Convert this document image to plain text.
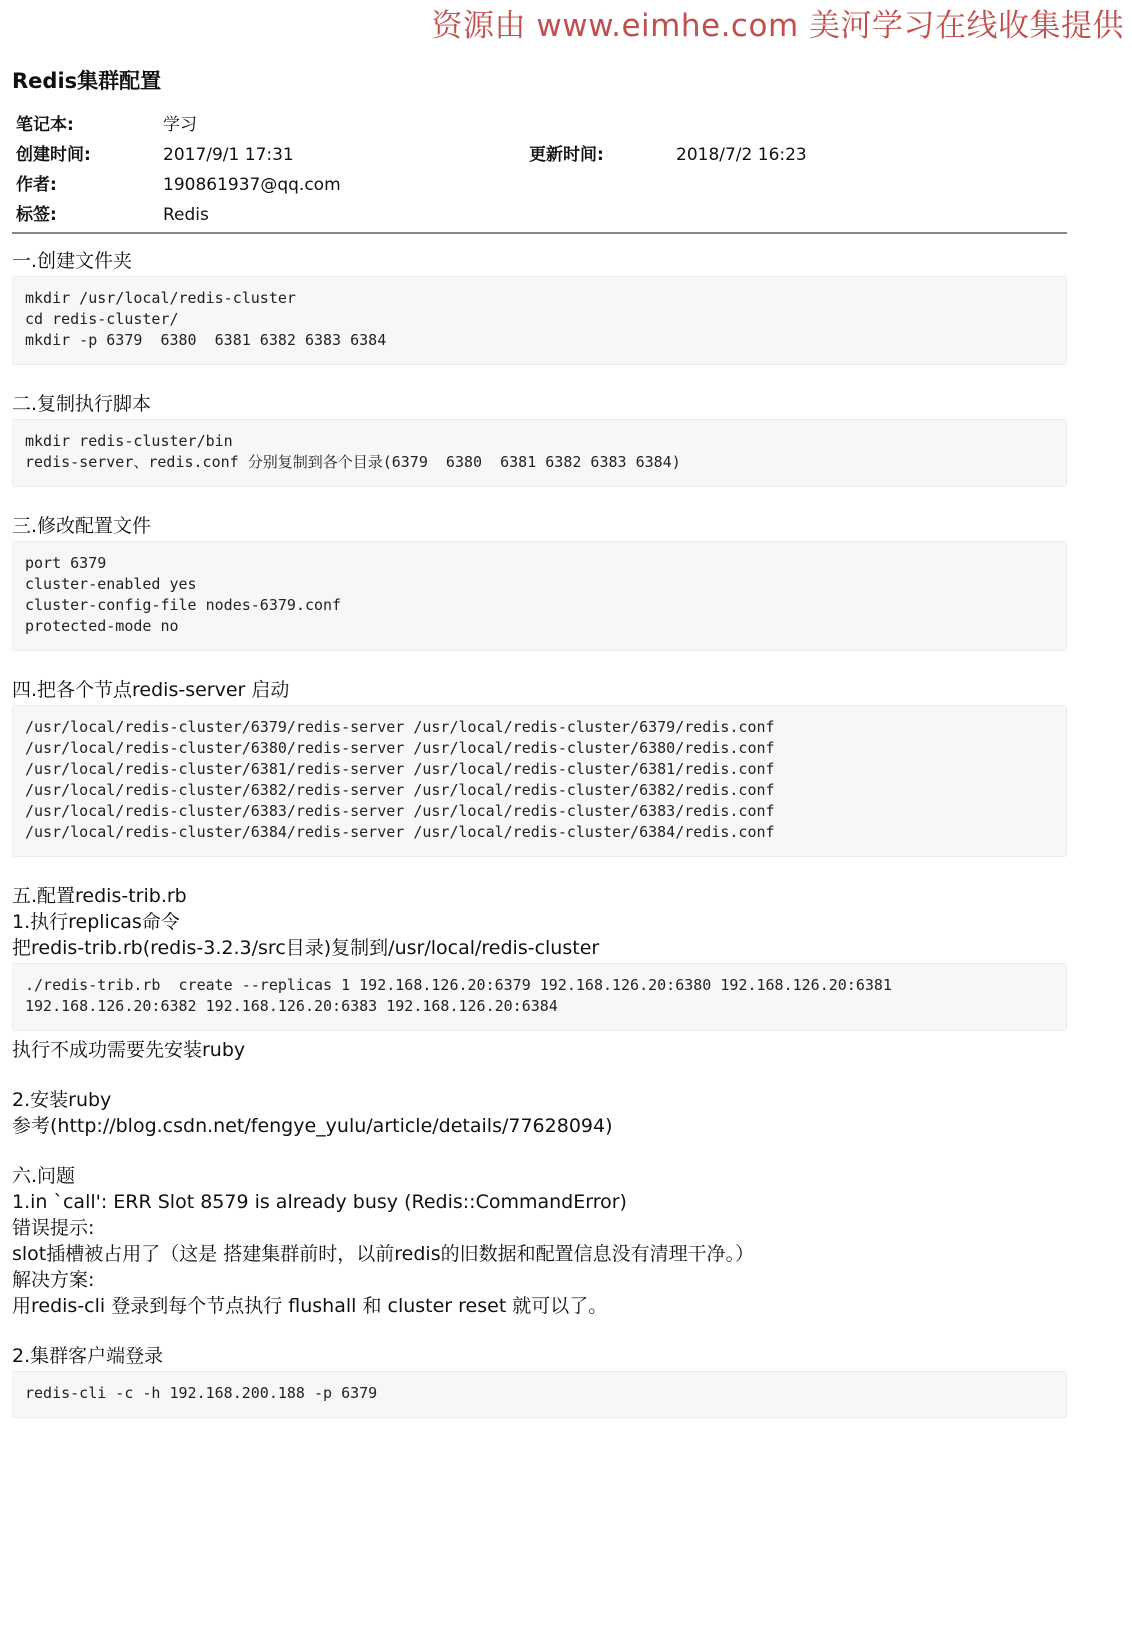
资源由 www.eimhe.com 美河学习在线收集提供
Redis集群配置
笔记本:	学习
创建时间:	2017/9/1 17:31	更新时间:	2018/7/2 16:23
作者:	190861937@qq.com
标签:	Redis
一.创建文件夹
mkdir /usr/local/redis-cluster
cd redis-cluster/
mkdir -p 6379  6380  6381 6382 6383 6384
二.复制执行脚本
mkdir redis-cluster/bin
redis-server、redis.conf 分别复制到各个目录(6379  6380  6381 6382 6383 6384)
三.修改配置文件
port 6379
cluster-enabled yes
cluster-config-file nodes-6379.conf
protected-mode no
四.把各个节点redis-server 启动
/usr/local/redis-cluster/6379/redis-server /usr/local/redis-cluster/6379/redis.conf
/usr/local/redis-cluster/6380/redis-server /usr/local/redis-cluster/6380/redis.conf
/usr/local/redis-cluster/6381/redis-server /usr/local/redis-cluster/6381/redis.conf
/usr/local/redis-cluster/6382/redis-server /usr/local/redis-cluster/6382/redis.conf
/usr/local/redis-cluster/6383/redis-server /usr/local/redis-cluster/6383/redis.conf
/usr/local/redis-cluster/6384/redis-server /usr/local/redis-cluster/6384/redis.conf
五.配置redis-trib.rb
1.执行replicas命令
把redis-trib.rb(redis-3.2.3/src目录)复制到/usr/local/redis-cluster
./redis-trib.rb  create --replicas 1 192.168.126.20:6379 192.168.126.20:6380 192.168.126.20:6381 192.168.126.20:6382 192.168.126.20:6383 192.168.126.20:6384
执行不成功需要先安装ruby
2.安装ruby
参考(http://blog.csdn.net/fengye_yulu/article/details/77628094)
六.问题
1.in `call': ERR Slot 8579 is already busy (Redis::CommandError)
错误提示:
slot插槽被占用了（这是 搭建集群前时，以前redis的旧数据和配置信息没有清理干净。）
解决方案:
用redis-cli 登录到每个节点执行 flushall 和 cluster reset 就可以了。
2.集群客户端登录
redis-cli -c -h 192.168.200.188 -p 6379
